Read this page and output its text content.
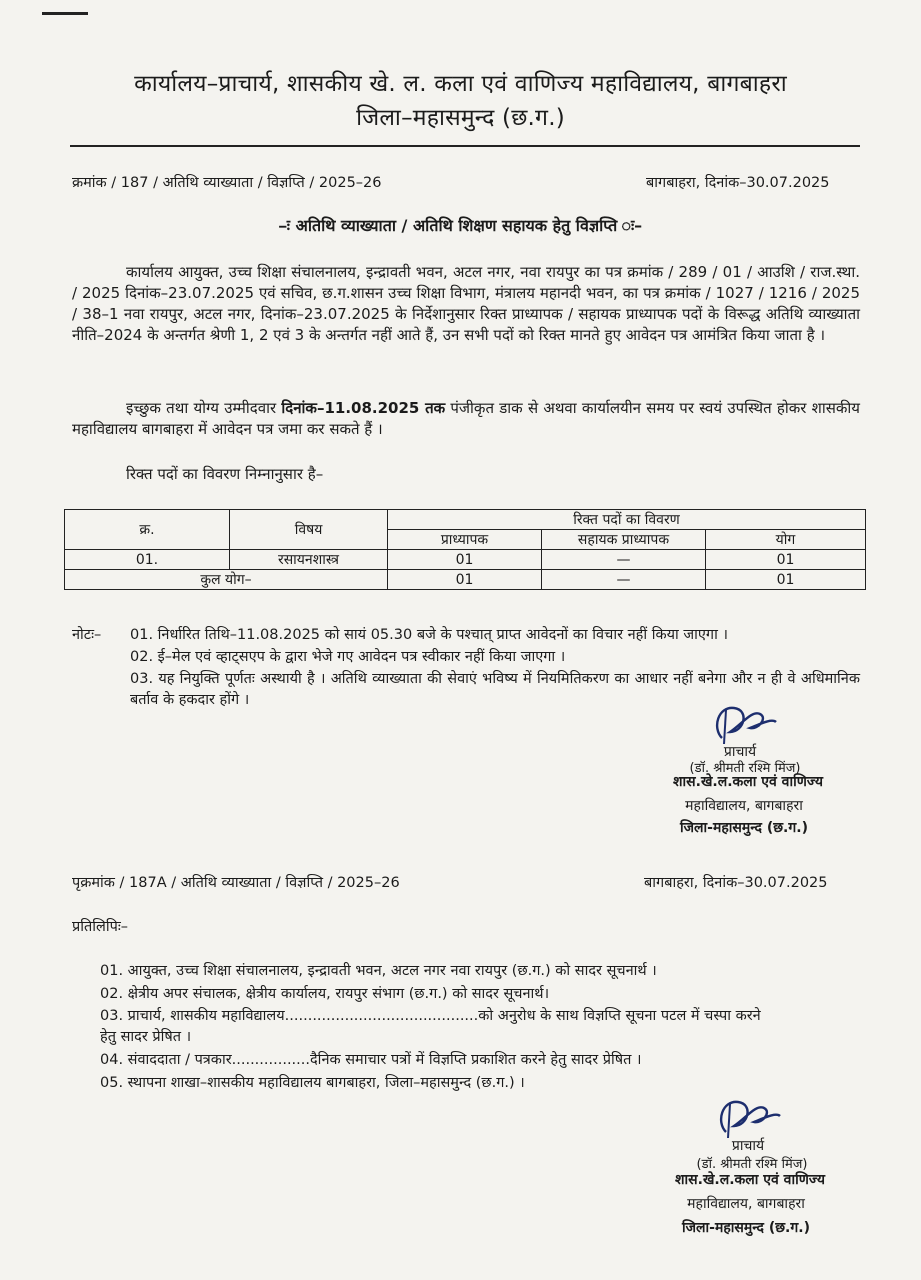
कार्यालय–प्राचार्य, शासकीय खे. ल. कला एवं वाणिज्य महाविद्यालय, बागबाहरा
जिला–महासमुन्द (छ.ग.)
क्रमांक / 187 / अतिथि व्याख्याता / विज्ञप्ति / 2025–26	बागबाहरा, दिनांक–30.07.2025
–ः अतिथि व्याख्याता / अतिथि शिक्षण सहायक हेतु विज्ञप्ति ः–
कार्यालय आयुक्त, उच्च शिक्षा संचालनालय, इन्द्रावती भवन, अटल नगर, नवा रायपुर का पत्र क्रमांक / 289 / 01 / आउशि / राज.स्था. / 2025 दिनांक–23.07.2025 एवं सचिव, छ.ग.शासन उच्च शिक्षा विभाग, मंत्रालय महानदी भवन, का पत्र क्रमांक / 1027 / 1216 / 2025 / 38–1 नवा रायपुर, अटल नगर, दिनांक–23.07.2025 के निर्देशानुसार रिक्त प्राध्यापक / सहायक प्राध्यापक पदों के विरूद्ध अतिथि व्याख्याता नीति–2024 के अन्तर्गत श्रेणी 1, 2 एवं 3 के अन्तर्गत नहीं आते हैं, उन सभी पदों को रिक्त मानते हुए आवेदन पत्र आमंत्रित किया जाता है ।
इच्छुक तथा योग्य उम्मीदवार दिनांक–11.08.2025 तक पंजीकृत डाक से अथवा कार्यालयीन समय पर स्वयं उपस्थित होकर शासकीय महाविद्यालय बागबाहरा में आवेदन पत्र जमा कर सकते हैं ।
रिक्त पदों का विवरण निम्नानुसार है–
क्र.	विषय	रिक्त पदों का विवरण		
		प्राध्यापक	सहायक प्राध्यापक	योग
01.	रसायनशास्त्र	01	—	01
कुल योग–		01	—	01
नोटः– 01. निर्धारित तिथि–11.08.2025 को सायं 05.30 बजे के पश्चात् प्राप्त आवेदनों का विचार नहीं किया जाएगा ।
02. ई–मेल एवं व्हाट्सएप के द्वारा भेजे गए आवेदन पत्र स्वीकार नहीं किया जाएगा ।
03. यह नियुक्ति पूर्णतः अस्थायी है । अतिथि व्याख्याता की सेवाएं भविष्य में नियमितिकरण का आधार नहीं बनेगा और न ही वे अधिमानिक बर्ताव के हकदार होंगे ।
प्राचार्य
(डॉ. श्रीमती रश्मि मिंज)
शास.खे.ल.कला एवं वाणिज्य
महाविद्यालय, बागबाहरा
जिला-महासमुन्द (छ.ग.)
पृक्रमांक / 187A / अतिथि व्याख्याता / विज्ञप्ति / 2025–26	बागबाहरा, दिनांक–30.07.2025
प्रतिलिपिः–
01. आयुक्त, उच्च शिक्षा संचालनालय, इन्द्रावती भवन, अटल नगर नवा रायपुर (छ.ग.) को सादर सूचनार्थ ।
02. क्षेत्रीय अपर संचालक, क्षेत्रीय कार्यालय, रायपुर संभाग (छ.ग.) को सादर सूचनार्थ।
03. प्राचार्य, शासकीय महाविद्यालय..........................................को अनुरोध के साथ विज्ञप्ति सूचना पटल में चस्पा करने
हेतु सादर प्रेषित ।
04. संवाददाता / पत्रकार.................दैनिक समाचार पत्रों में विज्ञप्ति प्रकाशित करने हेतु सादर प्रेषित ।
05. स्थापना शाखा–शासकीय महाविद्यालय बागबाहरा, जिला–महासमुन्द (छ.ग.) ।
प्राचार्य
(डॉ. श्रीमती रश्मि मिंज)
शास.खे.ल.कला एवं वाणिज्य
महाविद्यालय, बागबाहरा
जिला-महासमुन्द (छ.ग.)
